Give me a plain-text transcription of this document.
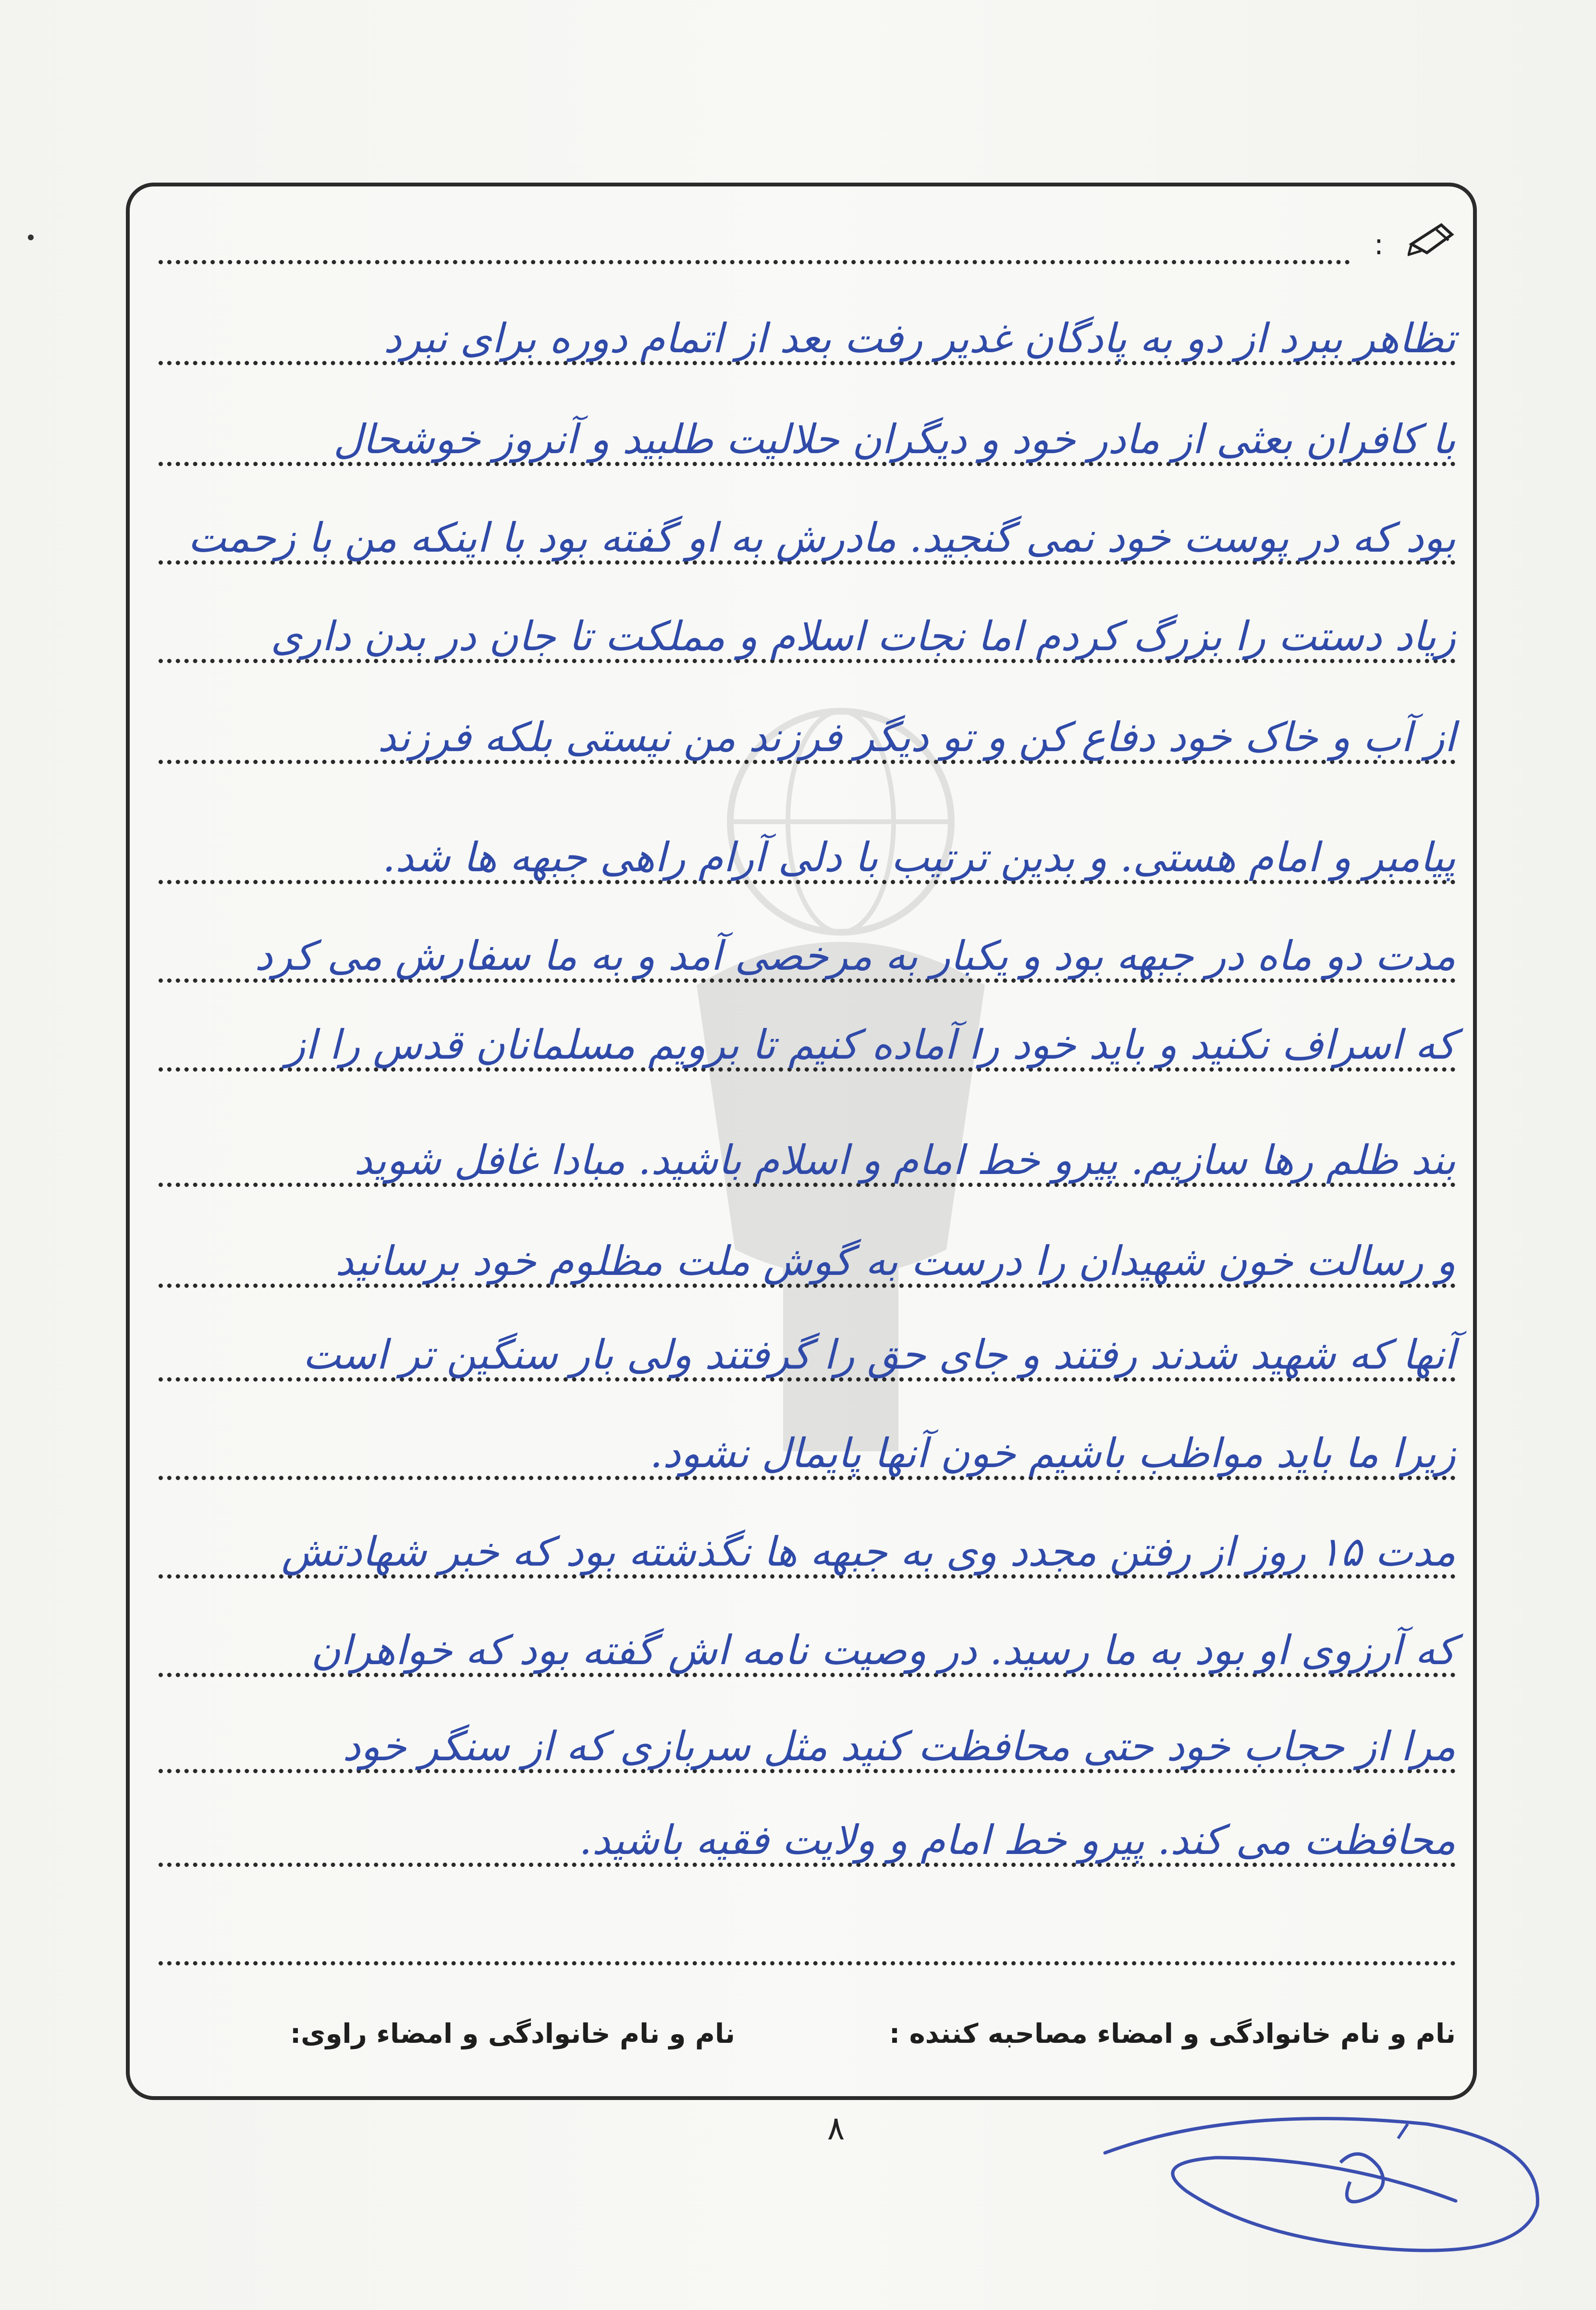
:
تظاهر ببرد از دو به پادگان غدیر رفت بعد از اتمام دوره برای نبرد
با کافران بعثی از مادر خود و دیگران حلالیت طلبید و آنروز خوشحال
بود که در پوست خود نمی گنجید. مادرش به او گفته بود با اینکه من با زحمت
زیاد دستت را بزرگ کردم اما نجات اسلام و مملکت تا جان در بدن داری
از آب و خاک خود دفاع کن و تو دیگر فرزند من نیستی بلکه فرزند
پیامبر و امام هستی. و بدین ترتیب با دلی آرام راهی جبهه ها شد.
مدت دو ماه در جبهه بود و یکبار به مرخصی آمد و به ما سفارش می کرد
که اسراف نکنید و باید خود را آماده کنیم تا برویم مسلمانان قدس را از
بند ظلم رها سازیم. پیرو خط امام و اسلام باشید. مبادا غافل شوید
و رسالت خون شهیدان را درست به گوش ملت مظلوم خود برسانید
آنها که شهید شدند رفتند و جای حق را گرفتند ولی بار سنگین تر است
زیرا ما باید مواظب باشیم خون آنها پایمال نشود.
مدت ۱۵ روز از رفتن مجدد وی به جبهه ها نگذشته بود که خبر شهادتش
که آرزوی او بود به ما رسید. در وصیت نامه اش گفته بود که خواهران
مرا از حجاب خود حتی محافظت کنید مثل سربازی که از سنگر خود
محافظت می کند. پیرو خط امام و ولایت فقیه باشید.
نام و نام خانوادگی و امضاء مصاحبه کننده :
نام و نام خانوادگی و امضاء راوی:
۸
